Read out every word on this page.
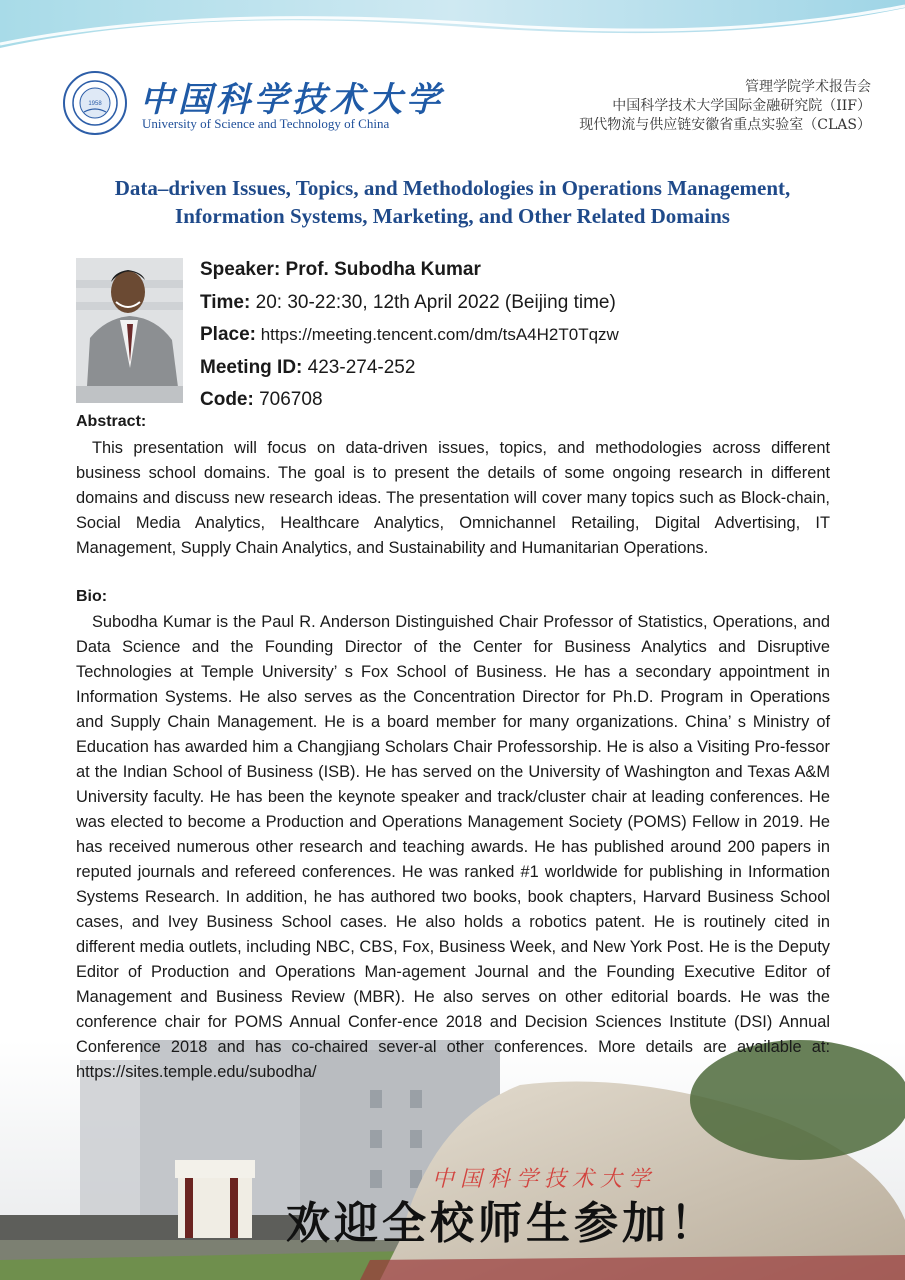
1958 中国科学技术大学
University of Science and Technology of China
管理学院学术报告会
中国科学技术大学国际金融研究院（IIF）
现代物流与供应链安徽省重点实验室（CLAS）
Data–driven Issues, Topics, and Methodologies in Operations Management,
Information Systems, Marketing, and Other Related Domains
Speaker: Prof. Subodha Kumar
Time: 20: 30-22:30, 12th April 2022 (Beijing time)
Place: https://meeting.tencent.com/dm/tsA4H2T0Tqzw
Meeting ID: 423-274-252
Code: 706708
Abstract:
This presentation will focus on data-driven issues, topics, and methodologies across different business school domains. The goal is to present the details of some ongoing research in different domains and discuss new research ideas. The presentation will cover many topics such as Block-chain, Social Media Analytics, Healthcare Analytics, Omnichannel Retailing, Digital Advertising, IT Management, Supply Chain Analytics, and Sustainability and Humanitarian Operations.
中国科学技术大学
欢迎全校师生参加！
Bio:
Subodha Kumar is the Paul R. Anderson Distinguished Chair Professor of Statistics, Operations, and Data Science and the Founding Director of the Center for Business Analytics and Disruptive Technologies at Temple University’ s Fox School of Business. He has a secondary appointment in Information Systems. He also serves as the Concentration Director for Ph.D. Program in Operations and Supply Chain Management. He is a board member for many organizations. China’ s Ministry of Education has awarded him a Changjiang Scholars Chair Professorship. He is also a Visiting Pro-fessor at the Indian School of Business (ISB). He has served on the University of Washington and Texas A&M University faculty. He has been the keynote speaker and track/cluster chair at leading conferences. He was elected to become a Production and Operations Management Society (POMS) Fellow in 2019. He has received numerous other research and teaching awards. He has published around 200 papers in reputed journals and refereed conferences. He was ranked #1 worldwide for publishing in Information Systems Research. In addition, he has authored two books, book chapters, Harvard Business School cases, and Ivey Business School cases. He also holds a robotics patent. He is routinely cited in different media outlets, including NBC, CBS, Fox, Business Week, and New York Post. He is the Deputy Editor of Production and Operations Man-agement Journal and the Founding Executive Editor of Management and Business Review (MBR). He also serves on other editorial boards. He was the conference chair for POMS Annual Confer-ence 2018 and Decision Sciences Institute (DSI) Annual Conference 2018 and has co-chaired sever-al other conferences. More details are available at: https://sites.temple.edu/subodha/
